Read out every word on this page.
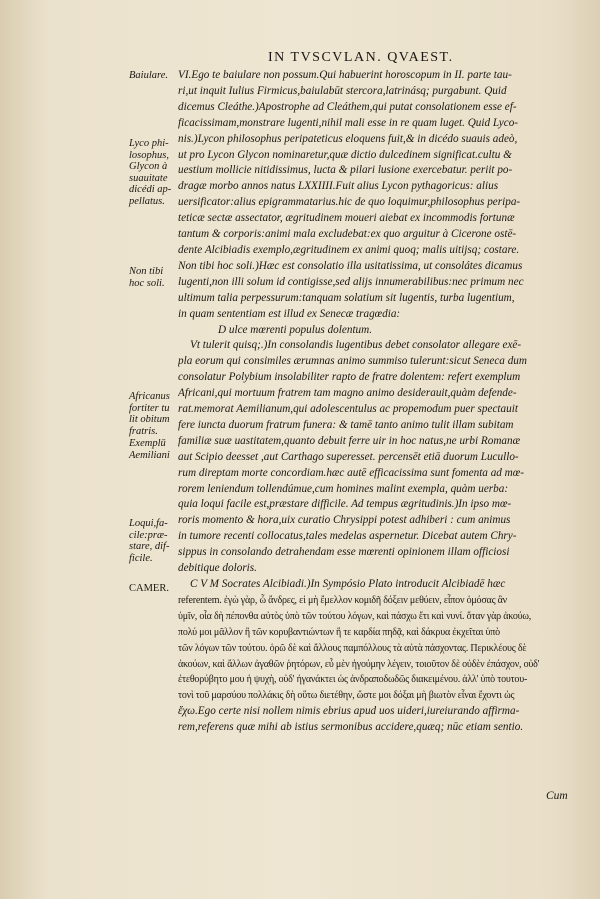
IN TVSCVLAN. QVAEST.
Baiulare.
Lyco phi-
losophus,
Glycon à
suauitate
dicédi ap-
pellatus.
Non tibi
hoc soli.
Africanus
fortiter tu
lit obitum
fratris.
Exemplū
Aemiliani
Loqui,fa-
cile:præ-
stare, dif-
ficile.
CAMER.
VI.Ego te baiulare non possum.Qui habuerint horoscopum in II. parte tau-
ri,ut inquit Iulius Firmicus,baiulabūt stercora,latrinásq; purgabunt. Quid
dicemus Cleáthe.)Apostrophe ad Cleáthem,qui putat consolationem esse ef-
ficacissimam,monstrare lugenti,nihil mali esse in re quam luget. Quid Lyco-
nis.)Lycon philosophus peripateticus eloquens fuit,& in dicédo suauis adeò,
ut pro Lycon Glycon nominaretur,quæ dictio dulcedinem significat.cultu &
uestium mollicie nitidissimus, lucta & pilari lusione exercebatur. periit po-
dragæ morbo annos natus LXXIIII.Fuit alius Lycon pythagoricus: alius
uersificator:alius epigrammatarius.hic de quo loquimur,philosophus peripa-
teticæ sectæ assectator, ægritudinem moueri aiebat ex incommodis fortunæ
tantum & corporis:animi mala excludebat:ex quo arguitur à Cicerone ostē-
dente Alcibiadis exemplo,ægritudinem ex animi quoq; malis uitijsq; costare.
Non tibi hoc soli.)Hæc est consolatio illa usitatissima, ut consolátes dicamus
lugenti,non illi solum id contigisse,sed alijs innumerabilibus:nec primum nec
ultimum talia perpessurum:tanquam solatium sit lugentis, turba lugentium,
in quam sententiam est illud ex Senecæ tragœdia:
D ulce mœrenti populus dolentum.
Vt tulerit quisq;.)In consolandis lugentibus debet consolator allegare exē-
pla eorum qui consimiles ærumnas animo summiso tulerunt:sicut Seneca dum
consolatur Polybium insolabiliter rapto de fratre dolentem: refert exemplum
Africani,qui mortuum fratrem tam magno animo desiderauit,quàm defende-
rat.memorat Aemilianum,qui adolescentulus ac propemodum puer spectauit
fere iuncta duorum fratrum funera: & tamē tanto animo tulit illam subitam
familiæ suæ uastitatem,quanto debuit ferre uir in hoc natus,ne urbi Romanæ
aut Scipio deesset ,aut Carthago superesset. percensēt etiā duorum Lucullo-
rum direptam morte concordiam.hæc autē efficacissima sunt fomenta ad mœ-
rorem leniendum tollendúmue,cum homines malint exempla, quàm uerba:
quia loqui facile est,præstare difficile. Ad tempus ægritudinis.)In ipso mœ-
roris momento & hora,uix curatio Chrysippi potest adhiberi : cum animus
in tumore recenti collocatus,tales medelas aspernetur. Dicebat autem Chry-
sippus in consolando detrahendam esse mœrenti opinionem illam officiosi
debitique doloris.
C V M Socrates Alcibiadi.)In Sympósio Plato introducit Alcibiadē hæc
referentem. ἐγὼ γὰρ, ὦ ἄνδρες, εἰ μὴ ἔμελλον κομιδῆ δόξειν μεθύειν, εἶπον ὁμόσας ἂν
ὑμῖν, οἷα δὴ πέπονθα αὐτὸς ὑπὸ τῶν τούτου λόγων, καὶ πάσχω ἔτι καὶ νυνί. ὅταν γὰρ ἀκούω,
πολύ μοι μᾶλλον ἢ τῶν κορυβαντιώντων ἥ τε καρδία πηδᾷ, καὶ δάκρυα ἐκχεῖται ὑπὸ
τῶν λόγων τῶν τούτου. ὁρῶ δὲ καὶ ἄλλους παμπόλλους τὰ αὐτὰ πάσχοντας. Περικλέους δὲ
ἀκούων, καὶ ἄλλων ἀγαθῶν ῥητόρων, εὖ μὲν ἡγούμην λέγειν, τοιοῦτον δὲ οὐδὲν ἐπάσχον, οὐδ'
ἐτεθορύβητο μου ἡ ψυχὴ, οὐδ' ἠγανάκτει ὡς ἀνδραποδωδῶς διακειμένου. ἀλλ' ὑπὸ τουτου-
τονὶ τοῦ μαρσύου πολλάκις δὴ οὕτω διετέθην, ὥστε μοι δόξαι μὴ βιωτὸν εἶναι ἔχοντι ὡς
ἔχω.Ego certe nisi nollem nimis ebrius apud uos uideri,iureiurando affirma-
rem,referens quæ mihi ab istius sermonibus accidere,quæq; nūc etiam sentio.
Cum
